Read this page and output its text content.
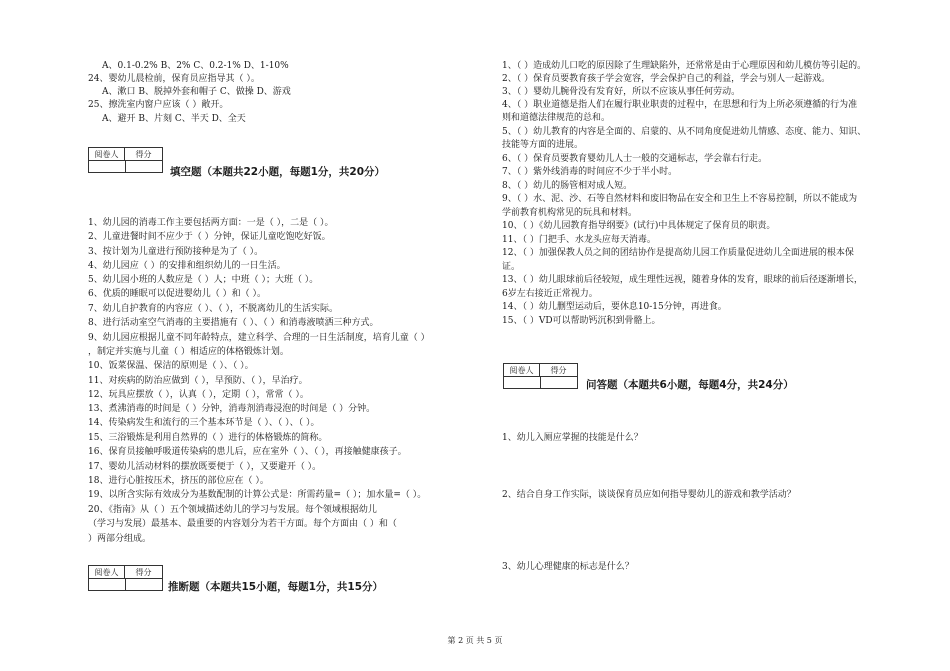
A、0.1-0.2% B、2% C、0.2-1% D、1-10%
24、婴幼儿晨检前，保育员应指导其（ ）。
A、漱口 B、脱掉外套和帽子 C、做操 D、游戏
25、擦洗室内窗户应该（ ）敞开。
A、避开 B、片刻 C、半天 D、全天
阅卷人	得分
填空题（本题共22小题，每题1分，共20分）
1、幼儿园的消毒工作主要包括两方面：一是（ ），二是（ ）。
2、儿童进餐时间不应少于（ ）分钟，保证儿童吃饱吃好饭。
3、按计划为儿童进行预防接种是为了（ ）。
4、幼儿园应（ ）的安排和组织幼儿的一日生活。
5、幼儿园小班的人数应是（ ）人；中班（ ）；大班（ ）。
6、优质的睡眠可以促进婴幼儿（ ）和（ ）。
7、幼儿自护教育的内容应（ ）、（ ），不脱离幼儿的生活实际。
8、进行活动室空气消毒的主要措施有（ ）、（ ）和消毒液喷洒三种方式。
9、幼儿园应根据儿童不同年龄特点，建立科学、合理的一日生活制度，培育儿童（ ）
，制定并实施与儿童（ ）相适应的体格锻炼计划。
10、饭菜保温、保洁的原则是（ ）、（ ）。
11、对疾病的防治应做到（ ），早预防、（ ），早治疗。
12、玩具应摆放（ ），认真（ ），定期（ ），常常（ ）。
13、煮沸消毒的时间是（ ）分钟，消毒剂消毒浸泡的时间是（ ）分钟。
14、传染病发生和流行的三个基本环节是（ ）、（ ）、（ ）。
15、三浴锻炼是利用自然界的（ ）进行的体格锻炼的简称。
16、保育员接触呼吸道传染病的患儿后，应在室外（ ）、（ ），再接触健康孩子。
17、婴幼儿活动材料的摆放既要便于（ ），又要避开（ ）。
18、进行心脏按压术，挤压的部位应在（ ）。
19、以所含实际有效成分为基数配制的计算公式是：所需药量=（ ）；加水量=（ ）。
20、《指南》从（ ）五个领域描述幼儿的学习与发展。每个领域根据幼儿
（学习与发展）最基本、最重要的内容划分为若干方面。每个方面由（ ）和（
）两部分组成。
阅卷人	得分
推断题（本题共15小题，每题1分，共15分）
1、（ ）造成幼儿口吃的原因除了生理缺陷外，还常常是由于心理原因和幼儿模仿等引起的。
2、（ ）保育员要教育孩子学会宽容，学会保护自己的利益，学会与别人一起游戏。
3、（ ）婴幼儿腕骨没有发育好，所以不应该从事任何劳动。
4、（ ）职业道德是指人们在履行职业职责的过程中，在思想和行为上所必须遵循的行为准
则和道德法律规范的总和。
5、（ ）幼儿教育的内容是全面的、启蒙的、从不同角度促进幼儿情感、态度、能力、知识、
技能等方面的进展。
6、（ ）保育员要教育婴幼儿人士一般的交通标志，学会靠右行走。
7、（ ）紫外线消毒的时间应不少于半小时。
8、（ ）幼儿的肠管相对成人短。
9、（ ）水、泥、沙、石等自然材料和废旧物品在安全和卫生上不容易控制，所以不能成为
学前教育机构常见的玩具和材料。
10、（ ）《幼儿园教育指导纲要》(试行)中具体规定了保育员的职责。
11、（ ）门把手、水龙头应每天消毒。
12、（ ）加强保教人员之间的团结协作是提高幼儿园工作质量促进幼儿全面进展的根本保
证。
13、（ ）幼儿眼球前后径较短，成生理性远视，随着身体的发育，眼球的前后径逐渐增长，
6岁左右接近正常视力。
14、（ ）幼儿删型运动后，要休息10-15分钟，再进食。
15、（ ）VD可以帮助钙沉积到骨骼上。
阅卷人	得分
问答题（本题共6小题，每题4分，共24分）
1、幼儿入厕应掌握的技能是什么？
2、结合自身工作实际，谈谈保育员应如何指导婴幼儿的游戏和教学活动？
3、幼儿心理健康的标志是什么？
第 2 页 共 5 页
